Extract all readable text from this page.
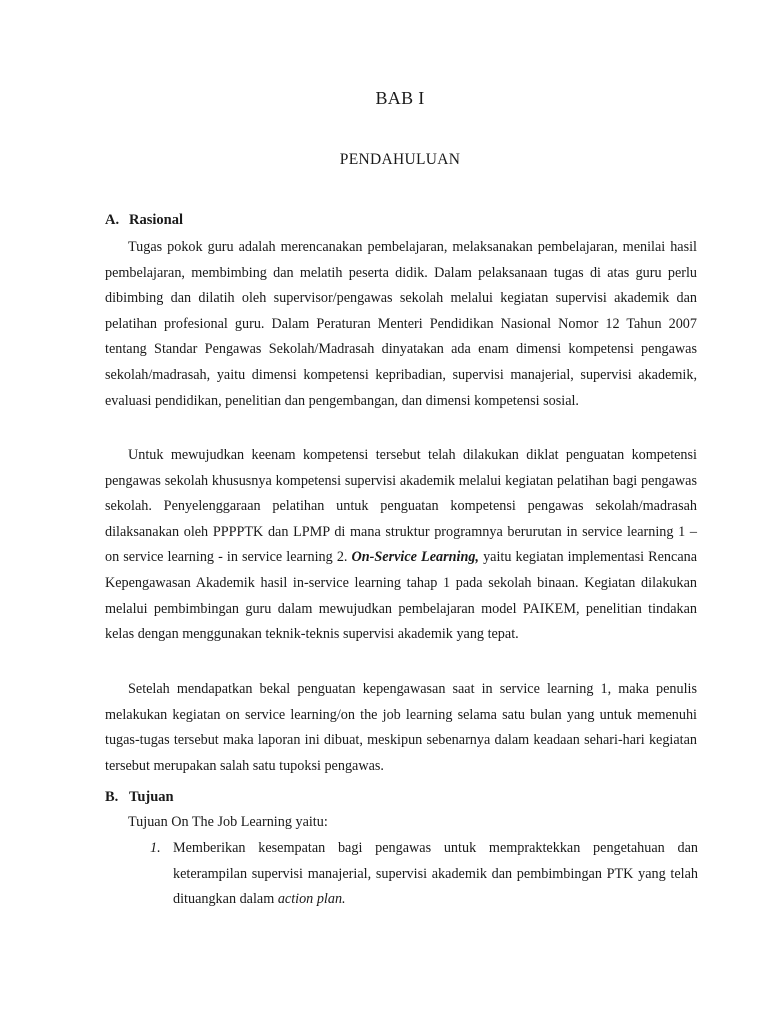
BAB I
PENDAHULUAN
A. Rasional

Tugas pokok guru adalah merencanakan pembelajaran, melaksanakan pembelajaran, menilai hasil pembelajaran, membimbing dan melatih peserta didik. Dalam pelaksanaan tugas di atas guru perlu dibimbing dan dilatih oleh supervisor/pengawas sekolah melalui kegiatan supervisi akademik dan pelatihan profesional guru. Dalam Peraturan Menteri Pendidikan Nasional Nomor 12 Tahun 2007 tentang Standar Pengawas Sekolah/Madrasah dinyatakan ada enam dimensi kompetensi pengawas sekolah/madrasah, yaitu dimensi kompetensi kepribadian, supervisi manajerial, supervisi akademik, evaluasi pendidikan, penelitian dan pengembangan, dan dimensi kompetensi sosial.

Untuk mewujudkan keenam kompetensi tersebut telah dilakukan diklat penguatan kompetensi pengawas sekolah khususnya kompetensi supervisi akademik melalui kegiatan pelatihan bagi pengawas sekolah. Penyelenggaraan pelatihan untuk penguatan kompetensi pengawas sekolah/madrasah dilaksanakan oleh PPPPTK dan LPMP di mana struktur programnya berurutan in service learning 1 – on service learning - in service learning 2. On-Service Learning, yaitu kegiatan implementasi Rencana Kepengawasan Akademik hasil in-service learning tahap 1 pada sekolah binaan. Kegiatan dilakukan melalui pembimbingan guru dalam mewujudkan pembelajaran model PAIKEM, penelitian tindakan kelas dengan menggunakan teknik-teknis supervisi akademik yang tepat.

Setelah mendapatkan bekal penguatan kepengawasan saat in service learning 1, maka penulis melakukan kegiatan on service learning/on the job learning selama satu bulan yang untuk memenuhi tugas-tugas tersebut maka laporan ini dibuat, meskipun sebenarnya dalam keadaan sehari-hari kegiatan tersebut merupakan salah satu tupoksi pengawas.

B. Tujuan
Tujuan On The Job Learning yaitu:
1. Memberikan kesempatan bagi pengawas untuk mempraktekkan pengetahuan dan keterampilan supervisi manajerial, supervisi akademik dan pembimbingan PTK yang telah dituangkan dalam action plan.
